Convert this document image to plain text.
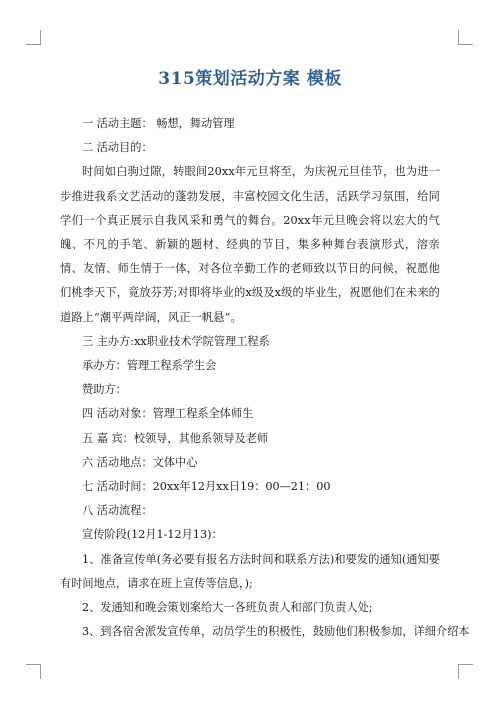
315策划活动方案 模板

一 活动主题： 畅想，舞动管理

二 活动目的：

时间如白驹过隙，转眼间20xx年元旦将至，为庆祝元旦佳节，也为进一步推进我系文艺活动的蓬勃发展，丰富校园文化生活，活跃学习氛围，给同学们一个真正展示自我风采和勇气的舞台。20xx年元旦晚会将以宏大的气魄、不凡的手笔、新颖的题材、经典的节目，集多种舞台表演形式，溶亲情、友情、师生情于一体，对各位辛勤工作的老师致以节日的问候，祝愿他们桃李天下，竟放芬芳;对即将毕业的x级及x级的毕业生，祝愿他们在未来的道路上“潮平两岸阔，风正一帆悬”。

三 主办方:xx职业技术学院管理工程系

承办方：管理工程系学生会

赞助方：

四 活动对象：管理工程系全体师生

五 嘉 宾：校领导，其他系领导及老师

六 活动地点：文体中心

七 活动时间：20xx年12月xx日19：00—21：00

八 活动流程：

宣传阶段(12月1-12月13)：

1、准备宣传单(务必要有报名方法时间和联系方法)和要发的通知(通知要有时间地点，请求在班上宣传等信息，);

2、发通知和晚会策划案给大一各班负责人和部门负责人处;

3、到各宿舍派发宣传单，动员学生的积极性，鼓励他们积极参加，详细介绍本
